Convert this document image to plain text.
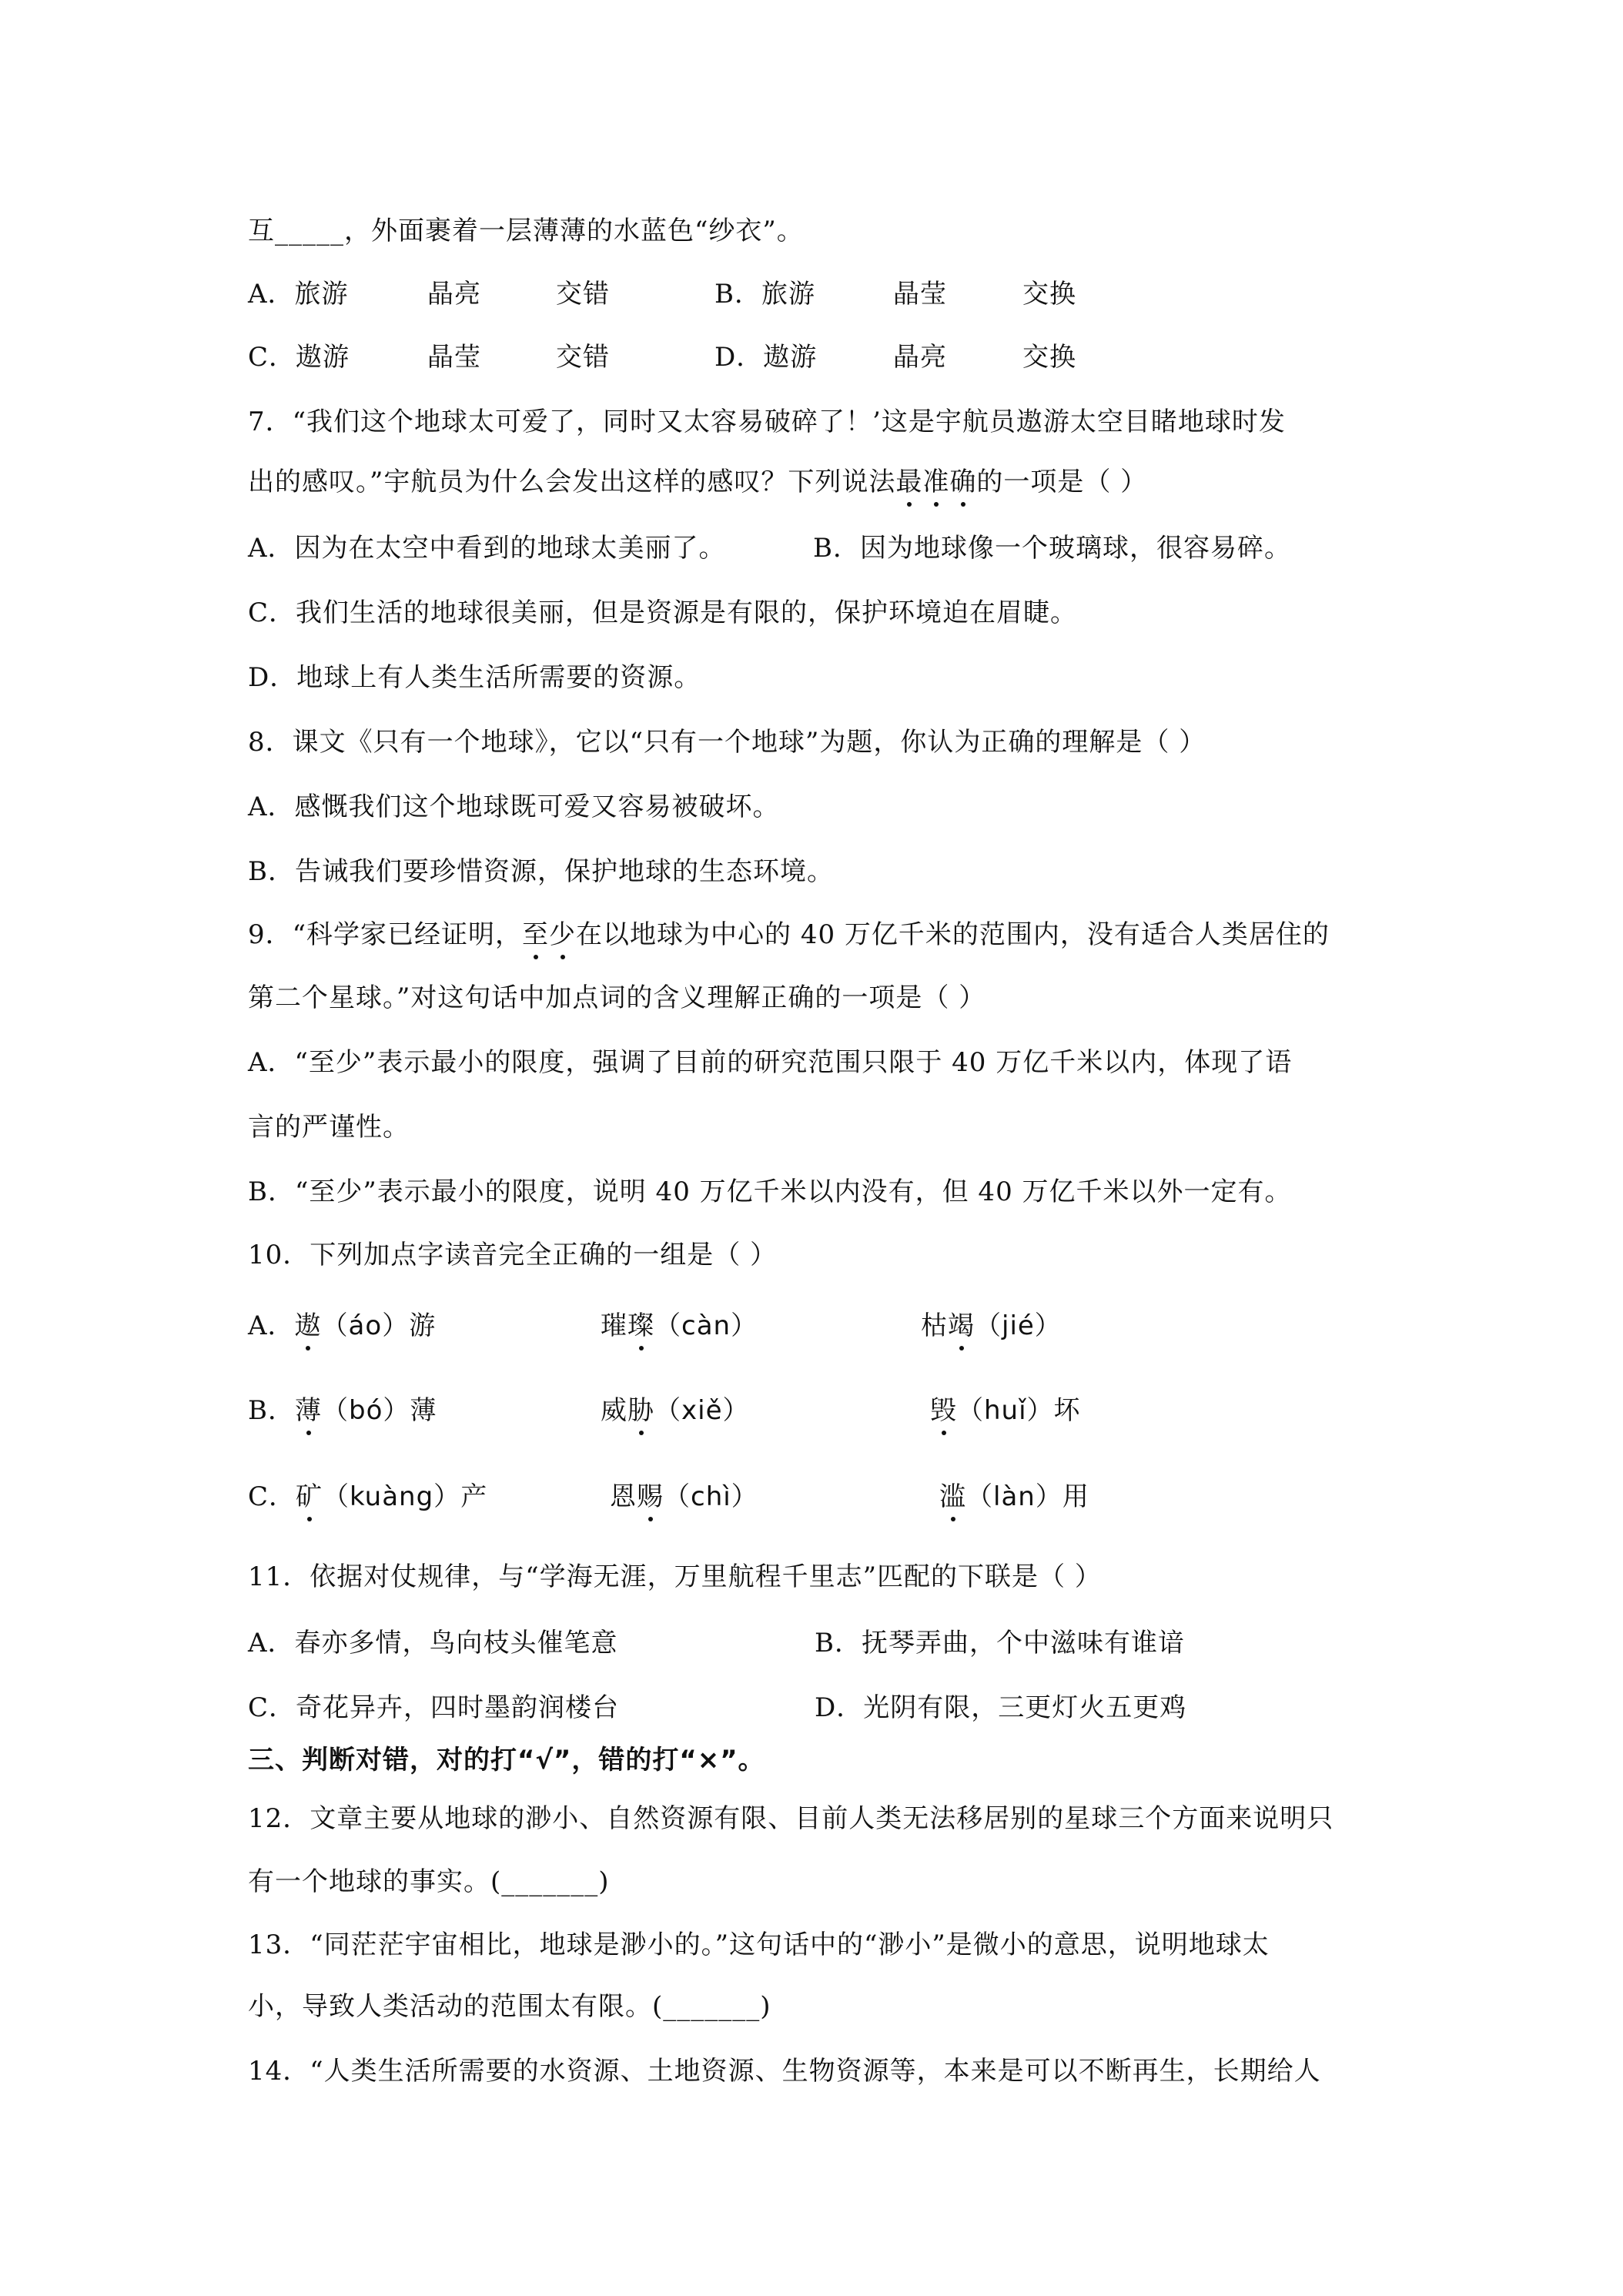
互_____，外面裹着一层薄薄的水蓝色“纱衣”。
A．旅游	晶亮	交错	B．旅游	晶莹	交换
C．遨游	晶莹	交错	D．遨游	晶亮	交换
7．“我们这个地球太可爱了，同时又太容易破碎了！’这是宇航员遨游太空目睹地球时发
出的感叹。”宇航员为什么会发出这样的感叹？下列说法最准确的一项是（ ）
A．因为在太空中看到的地球太美丽了。	B．因为地球像一个玻璃球，很容易碎。
C．我们生活的地球很美丽，但是资源是有限的，保护环境迫在眉睫。
D．地球上有人类生活所需要的资源。
8．课文《只有一个地球》，它以“只有一个地球”为题，你认为正确的理解是（ ）
A．感慨我们这个地球既可爱又容易被破坏。
B．告诫我们要珍惜资源，保护地球的生态环境。
9．“科学家已经证明，至少在以地球为中心的 40 万亿千米的范围内，没有适合人类居住的
第二个星球。”对这句话中加点词的含义理解正确的一项是（ ）
A．“至少”表示最小的限度，强调了目前的研究范围只限于 40 万亿千米以内，体现了语
言的严谨性。
B．“至少”表示最小的限度，说明 40 万亿千米以内没有，但 40 万亿千米以外一定有。
10．下列加点字读音完全正确的一组是（ ）
A．遨（áo）游	璀璨（càn）	枯竭（jié）
B．薄（bó）薄	威胁（xiě）	毁（huǐ）坏
C．矿（kuàng）产	恩赐（chì）	滥（làn）用
11．依据对仗规律，与“学海无涯，万里航程千里志”匹配的下联是（ ）
A．春亦多情，鸟向枝头催笔意	B．抚琴弄曲，个中滋味有谁谙
C．奇花异卉，四时墨韵润楼台	D．光阴有限，三更灯火五更鸡
三、判断对错，对的打“√”，错的打“×”。
12．文章主要从地球的渺小、自然资源有限、目前人类无法移居别的星球三个方面来说明只
有一个地球的事实。(_______)
13．“同茫茫宇宙相比，地球是渺小的。”这句话中的“渺小”是微小的意思，说明地球太
小，导致人类活动的范围太有限。(_______)
14．“人类生活所需要的水资源、土地资源、生物资源等，本来是可以不断再生，长期给人
